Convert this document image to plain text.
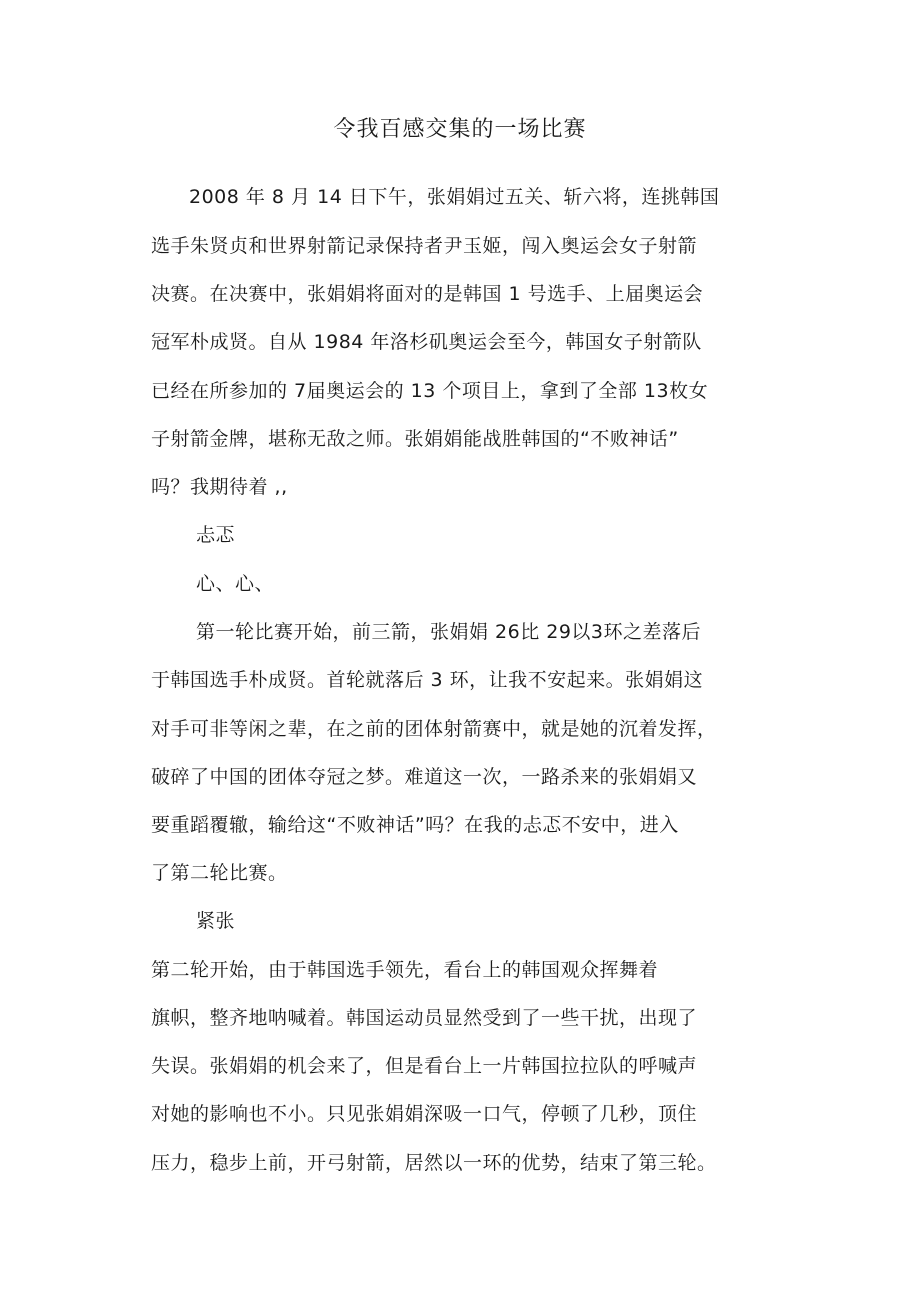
令我百感交集的一场比赛
2008 年 8 月 14 日下午，张娟娟过五关、斩六将，连挑韩国
选手朱贤贞和世界射箭记录保持者尹玉姬，闯入奥运会女子射箭
决赛。在决赛中，张娟娟将面对的是韩国 1 号选手、上届奥运会
冠军朴成贤。自从 1984 年洛杉矶奥运会至今，韩国女子射箭队
已经在所参加的 7届奥运会的 13 个项目上，拿到了全部 13枚女
子射箭金牌，堪称无敌之师。张娟娟能战胜韩国的“不败神话”
吗？我期待着 ,,
忐忑
心、心、
第一轮比赛开始，前三箭，张娟娟 26比 29以3环之差落后
于韩国选手朴成贤。首轮就落后 3 环，让我不安起来。张娟娟这
对手可非等闲之辈，在之前的团体射箭赛中，就是她的沉着发挥，
破碎了中国的团体夺冠之梦。难道这一次，一路杀来的张娟娟又
要重蹈覆辙，输给这“不败神话”吗？在我的忐忑不安中，进入
了第二轮比赛。
紧张
第二轮开始，由于韩国选手领先，看台上的韩国观众挥舞着
旗帜，整齐地呐喊着。韩国运动员显然受到了一些干扰，出现了
失误。张娟娟的机会来了，但是看台上一片韩国拉拉队的呼喊声
对她的影响也不小。只见张娟娟深吸一口气，停顿了几秒，顶住
压力，稳步上前，开弓射箭，居然以一环的优势，结束了第三轮。
